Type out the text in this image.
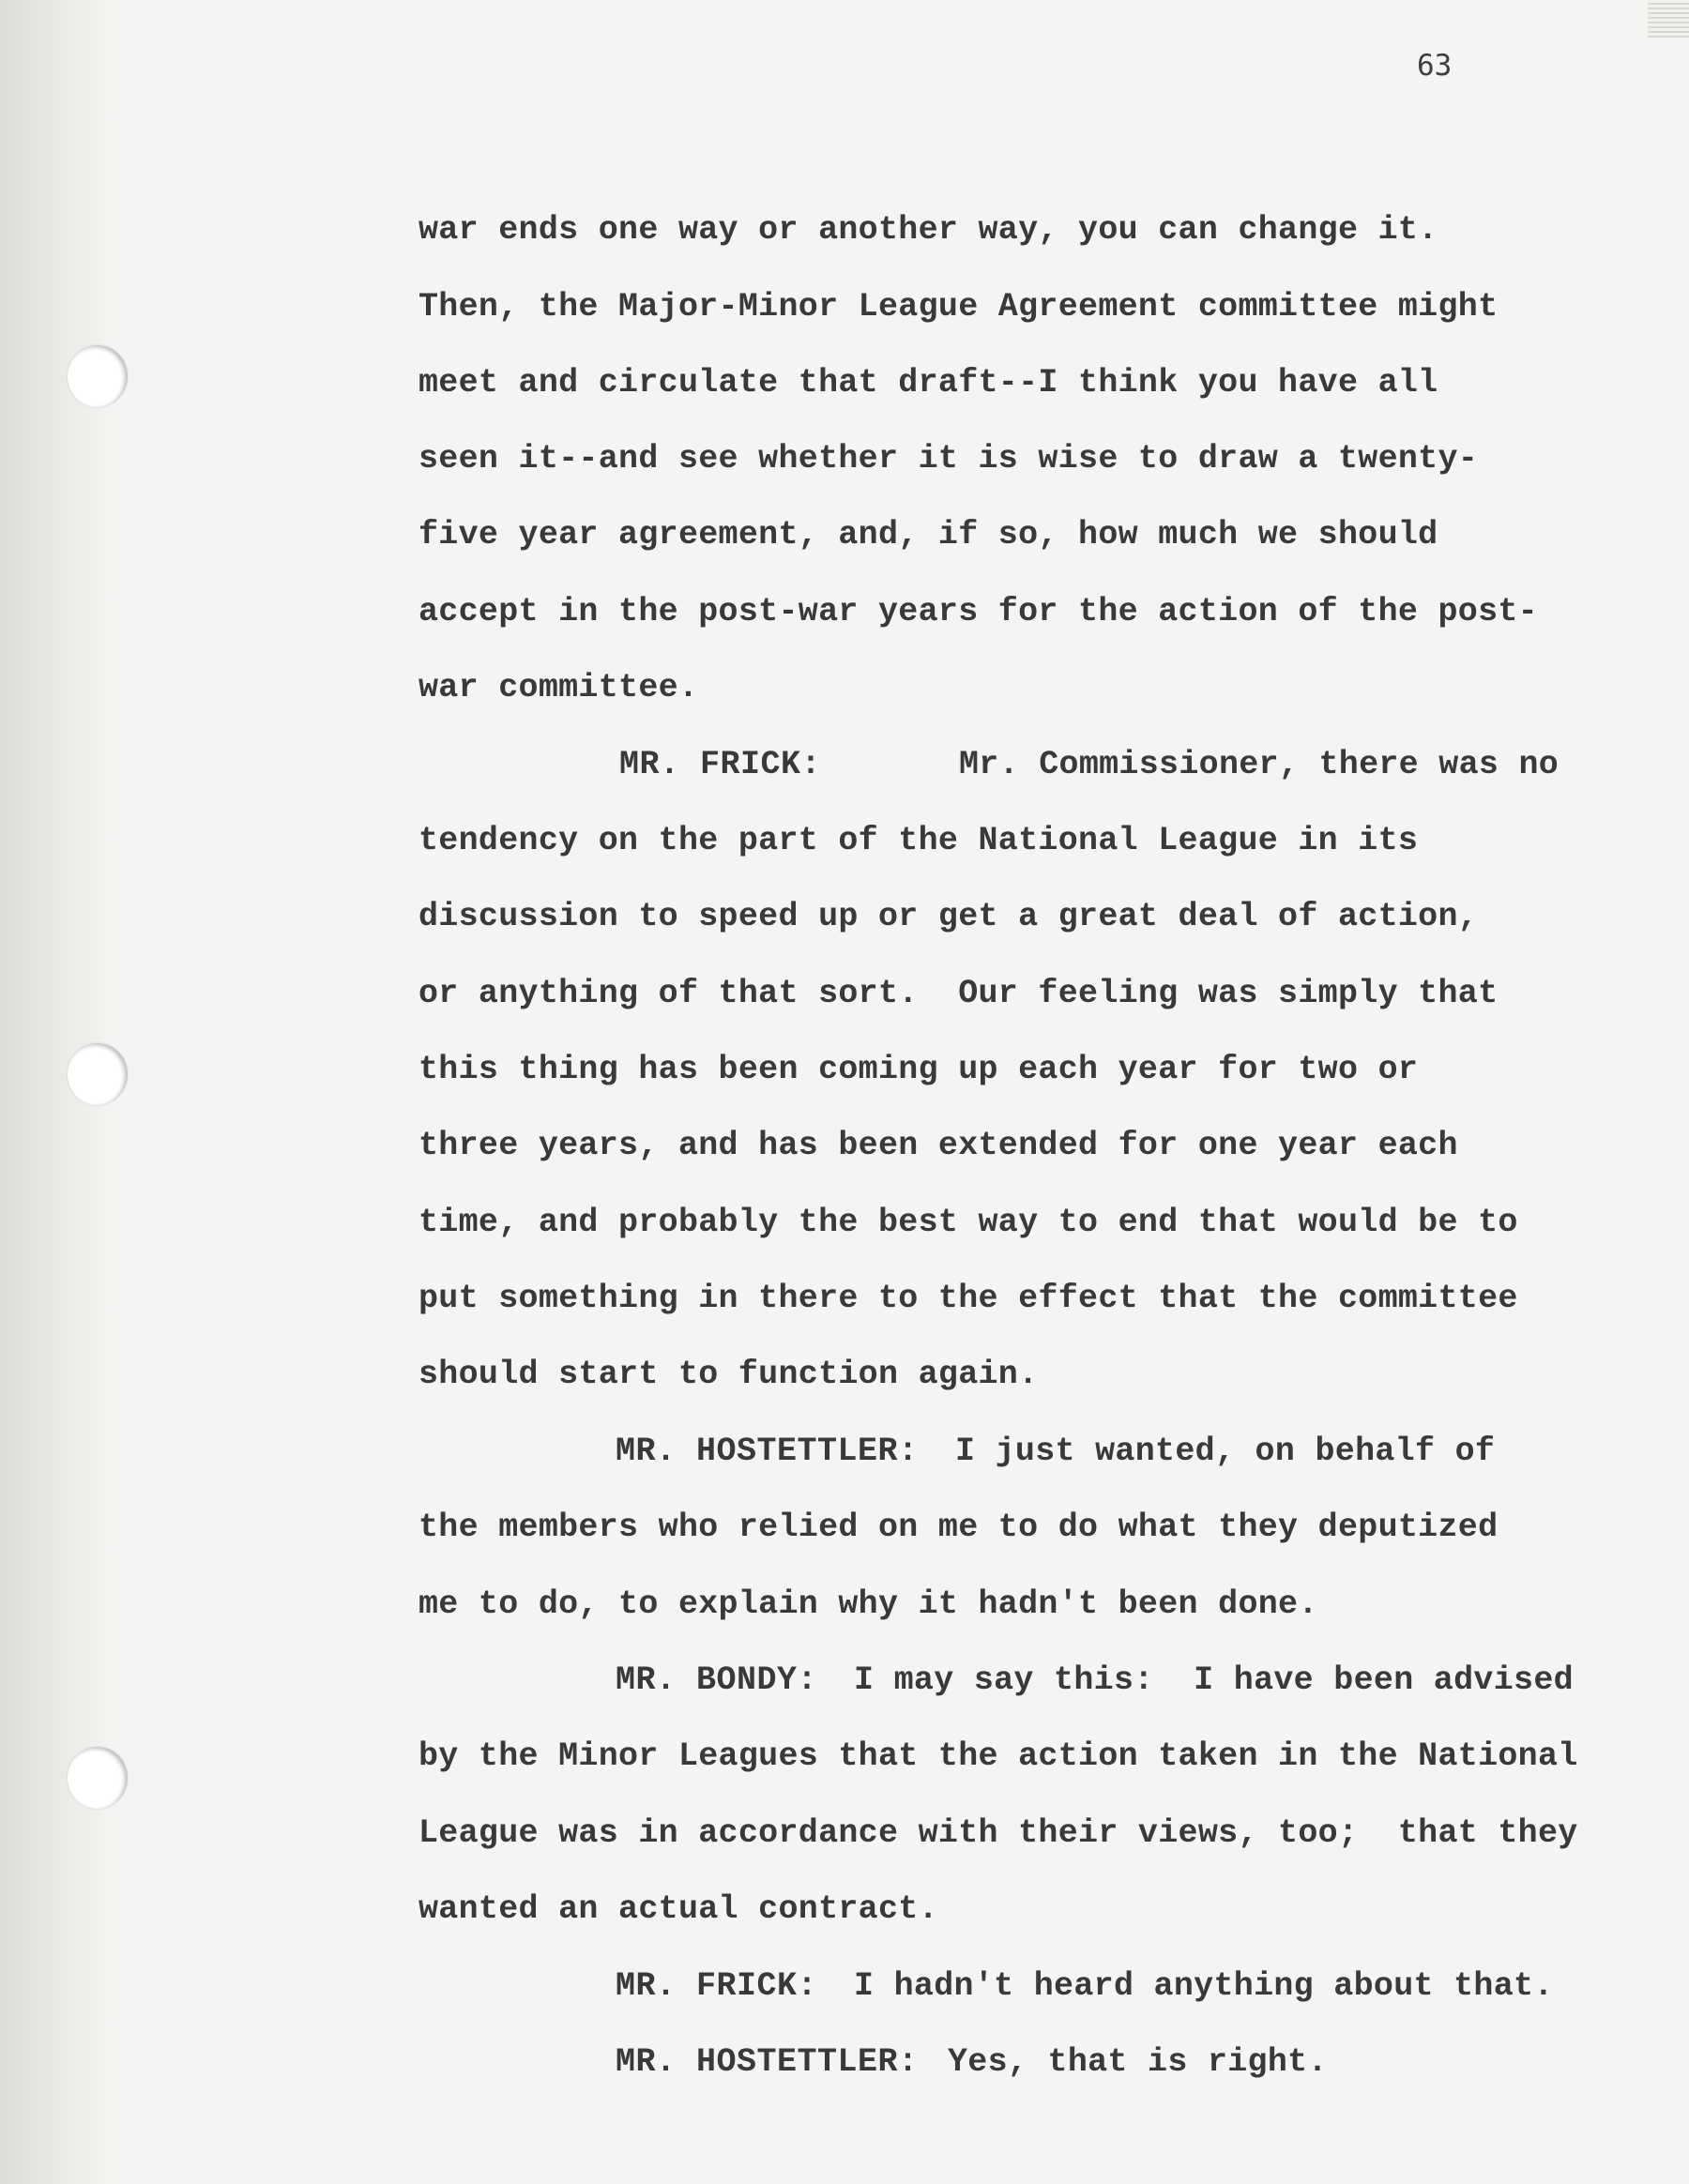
63
war ends one way or another way, you can change it.
Then, the Major-Minor League Agreement committee might
meet and circulate that draft--I think you have all
seen it--and see whether it is wise to draw a twenty-
five year agreement, and, if so, how much we should
accept in the post-war years for the action of the post-
war committee.
MR. FRICK:	Mr. Commissioner, there was no
tendency on the part of the National League in its
discussion to speed up or get a great deal of action,
or anything of that sort.  Our feeling was simply that
this thing has been coming up each year for two or
three years, and has been extended for one year each
time, and probably the best way to end that would be to
put something in there to the effect that the committee
should start to function again.
MR. HOSTETTLER: I just wanted, on behalf of
the members who relied on me to do what they deputized
me to do, to explain why it hadn't been done.
MR. BONDY: I may say this:  I have been advised
by the Minor Leagues that the action taken in the National
League was in accordance with their views, too;  that they
wanted an actual contract.
MR. FRICK: I hadn't heard anything about that.
MR. HOSTETTLER: Yes, that is right.
